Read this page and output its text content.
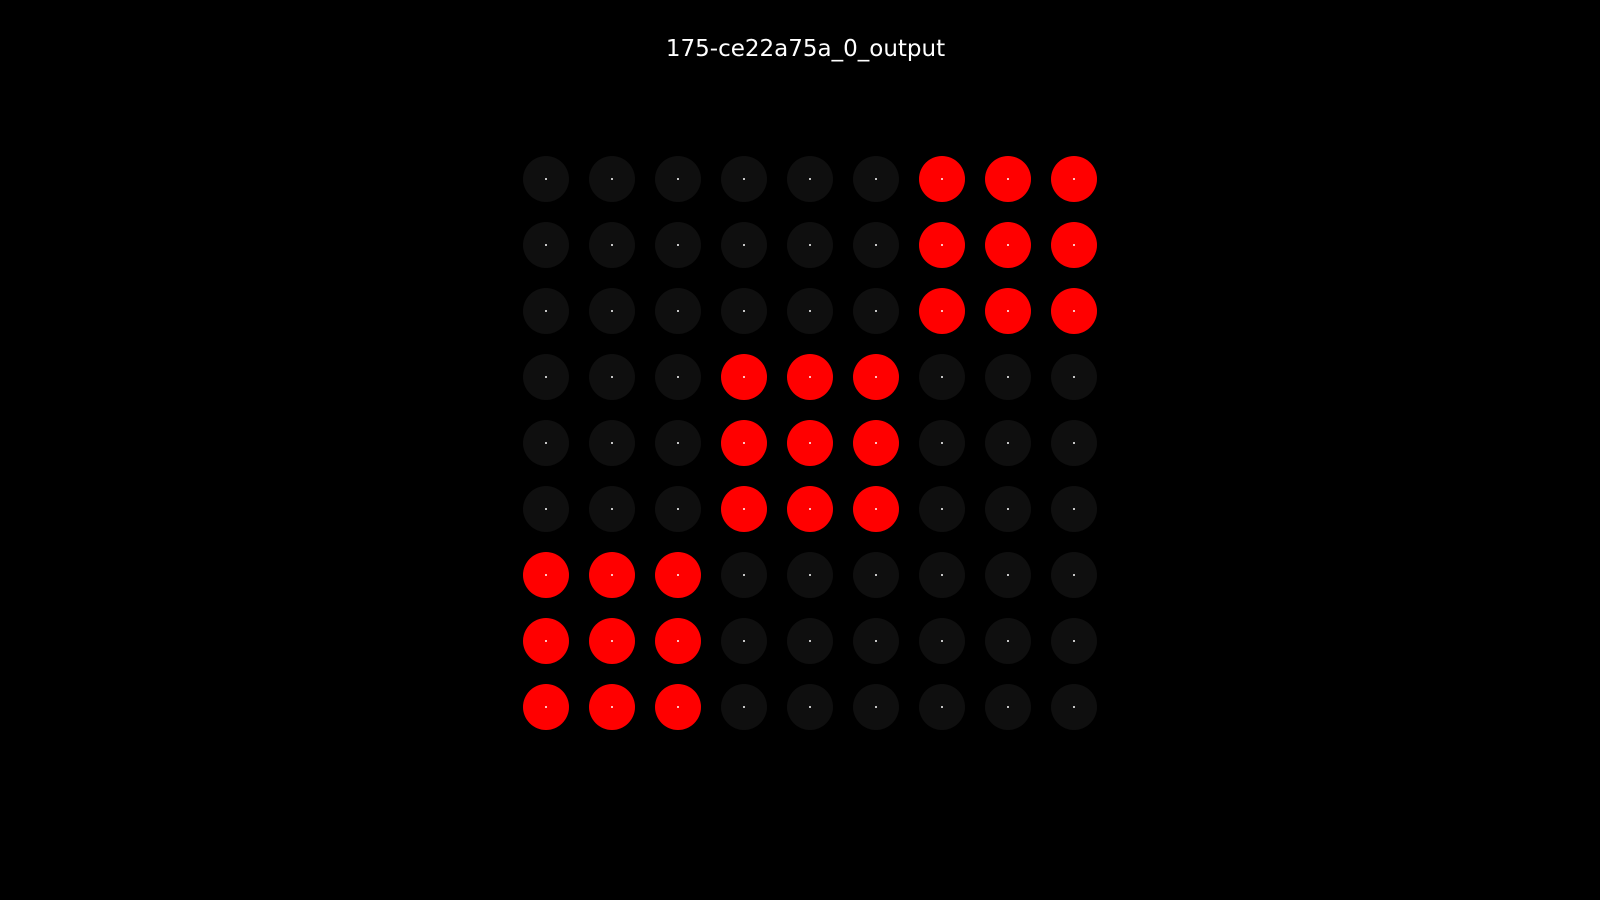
175-ce22a75a_0_output
